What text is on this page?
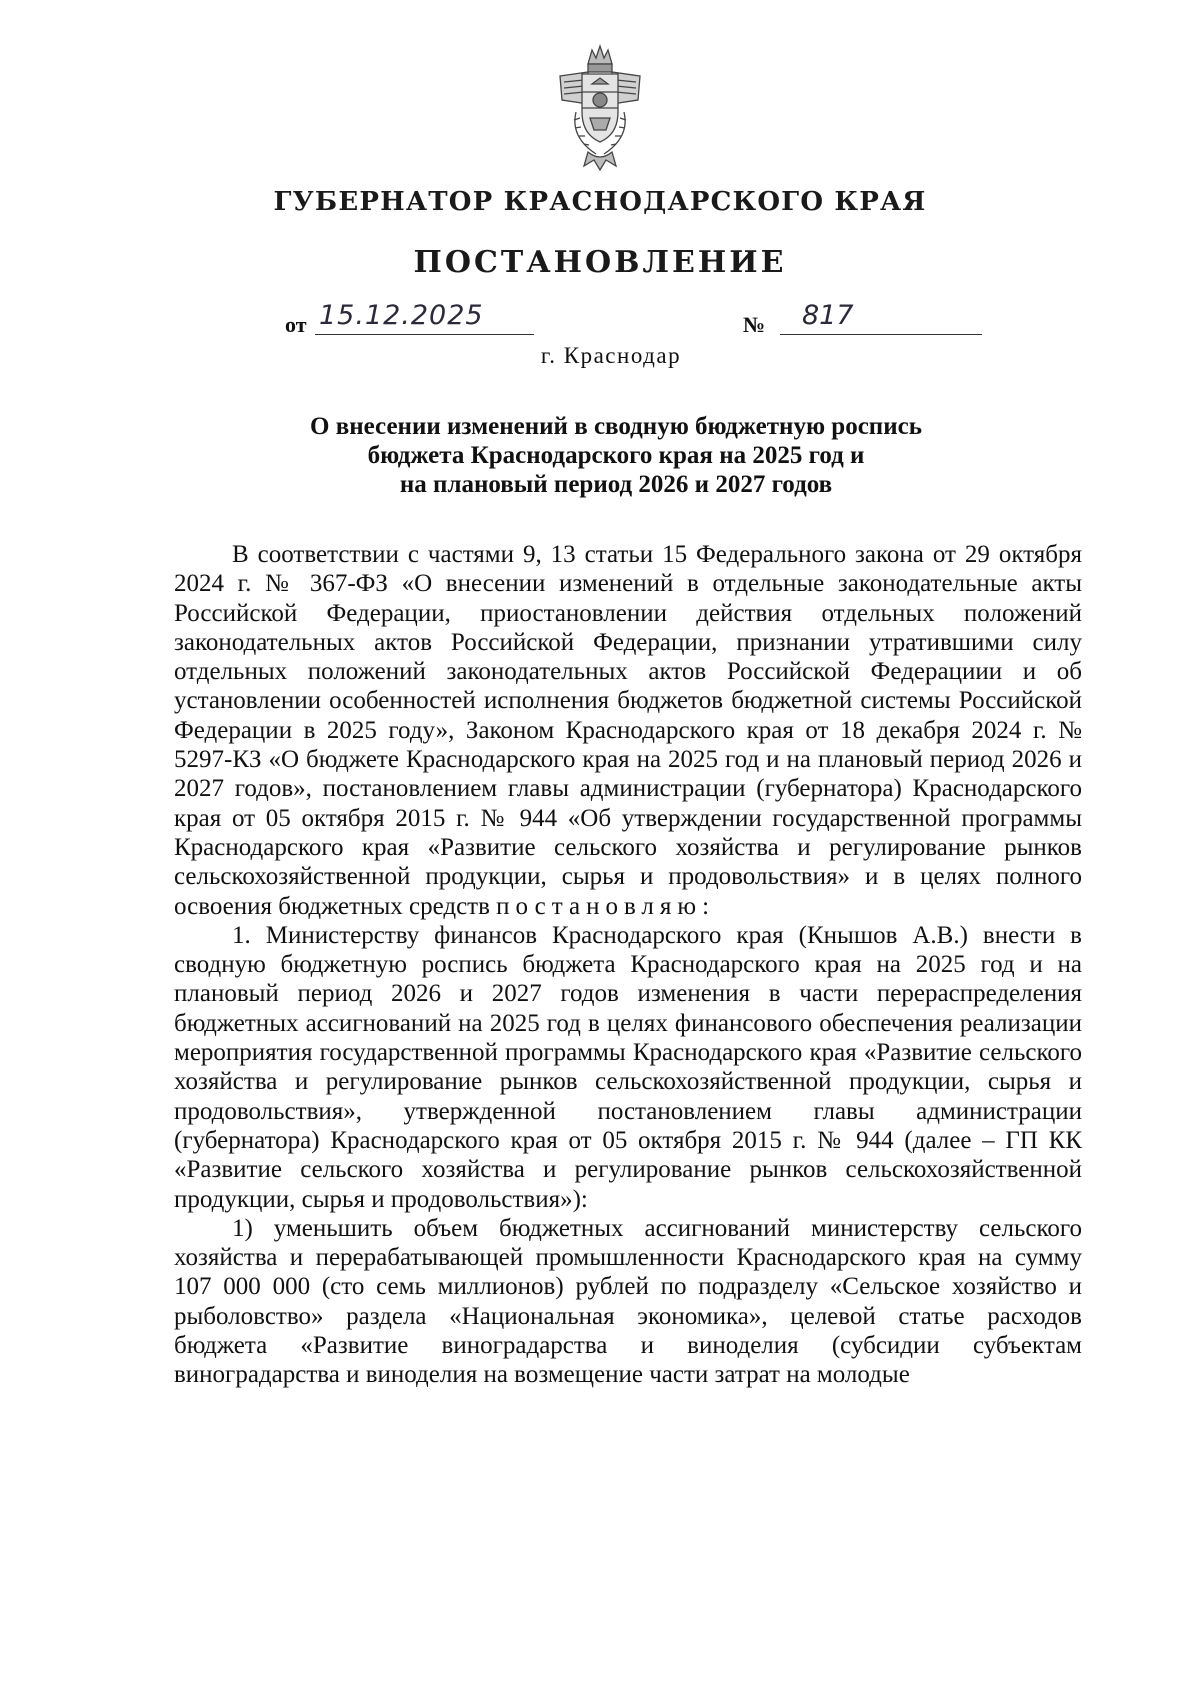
ГУБЕРНАТОР КРАСНОДАРСКОГО КРАЯ
ПОСТАНОВЛЕНИЕ
от 15.12.2025	№	817
г. Краснодар
О внесении изменений в сводную бюджетную роспись
бюджета Краснодарского края на 2025 год и
на плановый период 2026 и 2027 годов

В соответствии с частями 9, 13 статьи 15 Федерального закона от 29 октября 2024 г. № 367-ФЗ «О внесении изменений в отдельные законодательные акты Российской Федерации, приостановлении действия отдельных положений законодательных актов Российской Федерации, признании утратившими силу отдельных положений законодательных актов Российской Федерациии и об установлении особенностей исполнения бюджетов бюджетной системы Российской Федерации в 2025 году», Законом Краснодарского края от 18 декабря 2024 г. № 5297-КЗ «О бюджете Краснодарского края на 2025 год и на плановый период 2026 и 2027 годов», постановлением главы администрации (губернатора) Краснодарского края от 05 октября 2015 г. № 944 «Об утверждении государственной программы Краснодарского края «Развитие сельского хозяйства и регулирование рынков сельскохозяйственной продукции, сырья и продовольствия» и в целях полного освоения бюджетных средств постановляю:

1. Министерству финансов Краснодарского края (Кнышов А.В.) внести в сводную бюджетную роспись бюджета Краснодарского края на 2025 год и на плановый период 2026 и 2027 годов изменения в части перераспределения бюджетных ассигнований на 2025 год в целях финансового обеспечения реализации мероприятия государственной программы Краснодарского края «Развитие сельского хозяйства и регулирование рынков сельскохозяйственной продукции, сырья и продовольствия», утвержденной постановлением главы администрации (губернатора) Краснодарского края от 05 октября 2015 г. № 944 (далее – ГП КК «Развитие сельского хозяйства и регулирование рынков сельскохозяйственной продукции, сырья и продовольствия»):

1) уменьшить объем бюджетных ассигнований министерству сельского хозяйства и перерабатывающей промышленности Краснодарского края на сумму 107 000 000 (сто семь миллионов) рублей по подразделу «Сельское хозяйство и рыболовство» раздела «Национальная экономика», целевой статье расходов бюджета «Развитие виноградарства и виноделия (субсидии субъектам виноградарства и виноделия на возмещение части затрат на молодые
